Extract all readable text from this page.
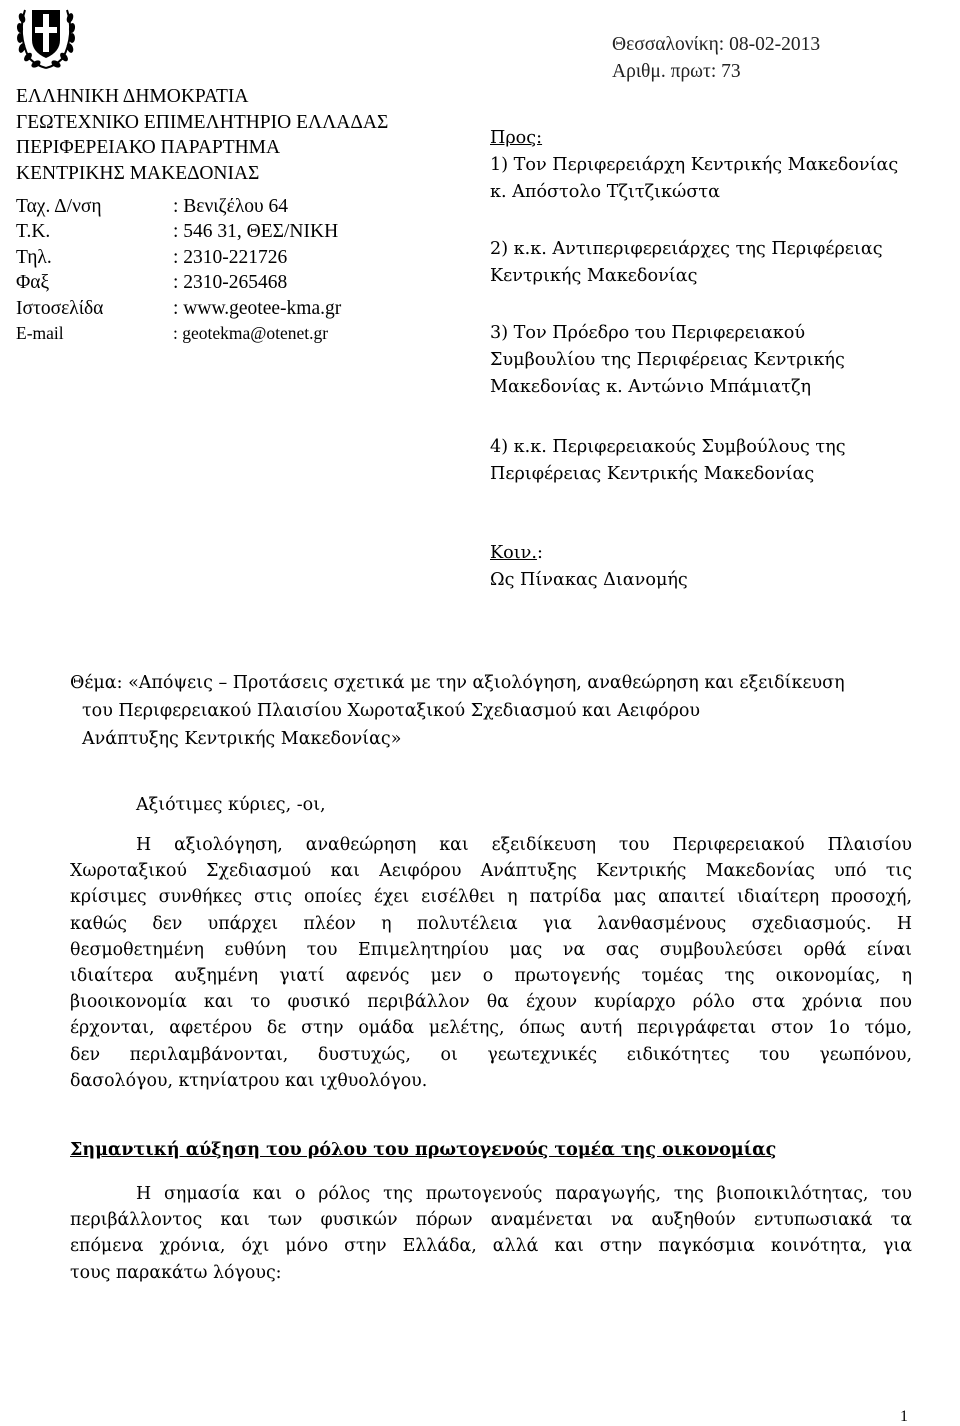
ΕΛΛΗΝΙΚΗ ΔΗΜΟΚΡΑΤΙΑ
ΓΕΩΤΕΧΝΙΚΟ ΕΠΙΜΕΛΗΤΗΡΙΟ ΕΛΛΑΔΑΣ
ΠΕΡΙΦΕΡΕΙΑΚΟ ΠΑΡΑΡΤΗΜΑ
ΚΕΝΤΡΙΚΗΣ ΜΑΚΕΔΟΝΙΑΣ
Ταχ. Δ/νση	: Βενιζέλου 64
Τ.Κ.	: 546 31, ΘΕΣ/ΝΙΚΗ
Τηλ.	: 2310-221726
Φαξ	: 2310-265468
Ιστοσελίδα	: www.geotee-kma.gr
E-mail	: geotekma@otenet.gr
Θεσσαλονίκη: 08-02-2013
Αριθμ. πρωτ: 73
Προς:
1) Τον Περιφερειάρχη Κεντρικής Μακεδονίας
κ. Απόστολο Τζιτζικώστα
2) κ.κ. Αντιπεριφερειάρχες της Περιφέρειας
Κεντρικής Μακεδονίας
3) Τον Πρόεδρο του Περιφερειακού
Συμβουλίου της Περιφέρειας Κεντρικής
Μακεδονίας κ. Αντώνιο Μπάμιατζη
4) κ.κ. Περιφερειακούς Συμβούλους της
Περιφέρειας Κεντρικής Μακεδονίας
Κοιν.:
Ως Πίνακας Διανομής
Θέμα: «Απόψεις – Προτάσεις σχετικά με την αξιολόγηση, αναθεώρηση και εξειδίκευση
του Περιφερειακού Πλαισίου Χωροταξικού Σχεδιασμού και Αειφόρου
Ανάπτυξης Κεντρικής Μακεδονίας»
Αξιότιμες κύριες, -οι,
Η αξιολόγηση, αναθεώρηση και εξειδίκευση του Περιφερειακού Πλαισίου
Χωροταξικού Σχεδιασμού και Αειφόρου Ανάπτυξης Κεντρικής Μακεδονίας υπό τις
κρίσιμες συνθήκες στις οποίες έχει εισέλθει η πατρίδα μας απαιτεί ιδιαίτερη προσοχή,
καθώς δεν υπάρχει πλέον η πολυτέλεια για λανθασμένους σχεδιασμούς. Η
θεσμοθετημένη ευθύνη του Επιμελητηρίου μας να σας συμβουλεύσει ορθά είναι
ιδιαίτερα αυξημένη γιατί αφενός μεν ο πρωτογενής τομέας της οικονομίας, η
βιοοικονομία και το φυσικό περιβάλλον θα έχουν κυρίαρχο ρόλο στα χρόνια που
έρχονται, αφετέρου δε στην ομάδα μελέτης, όπως αυτή περιγράφεται στον 1ο τόμο,
δεν περιλαμβάνονται, δυστυχώς, οι γεωτεχνικές ειδικότητες του γεωπόνου,
δασολόγου, κτηνίατρου και ιχθυολόγου.
Σημαντική αύξηση του ρόλου του πρωτογενούς τομέα της οικονομίας
Η σημασία και ο ρόλος της πρωτογενούς παραγωγής, της βιοποικιλότητας, του
περιβάλλοντος και των φυσικών πόρων αναμένεται να αυξηθούν εντυπωσιακά τα
επόμενα χρόνια, όχι μόνο στην Ελλάδα, αλλά και στην παγκόσμια κοινότητα, για
τους παρακάτω λόγους:
1
